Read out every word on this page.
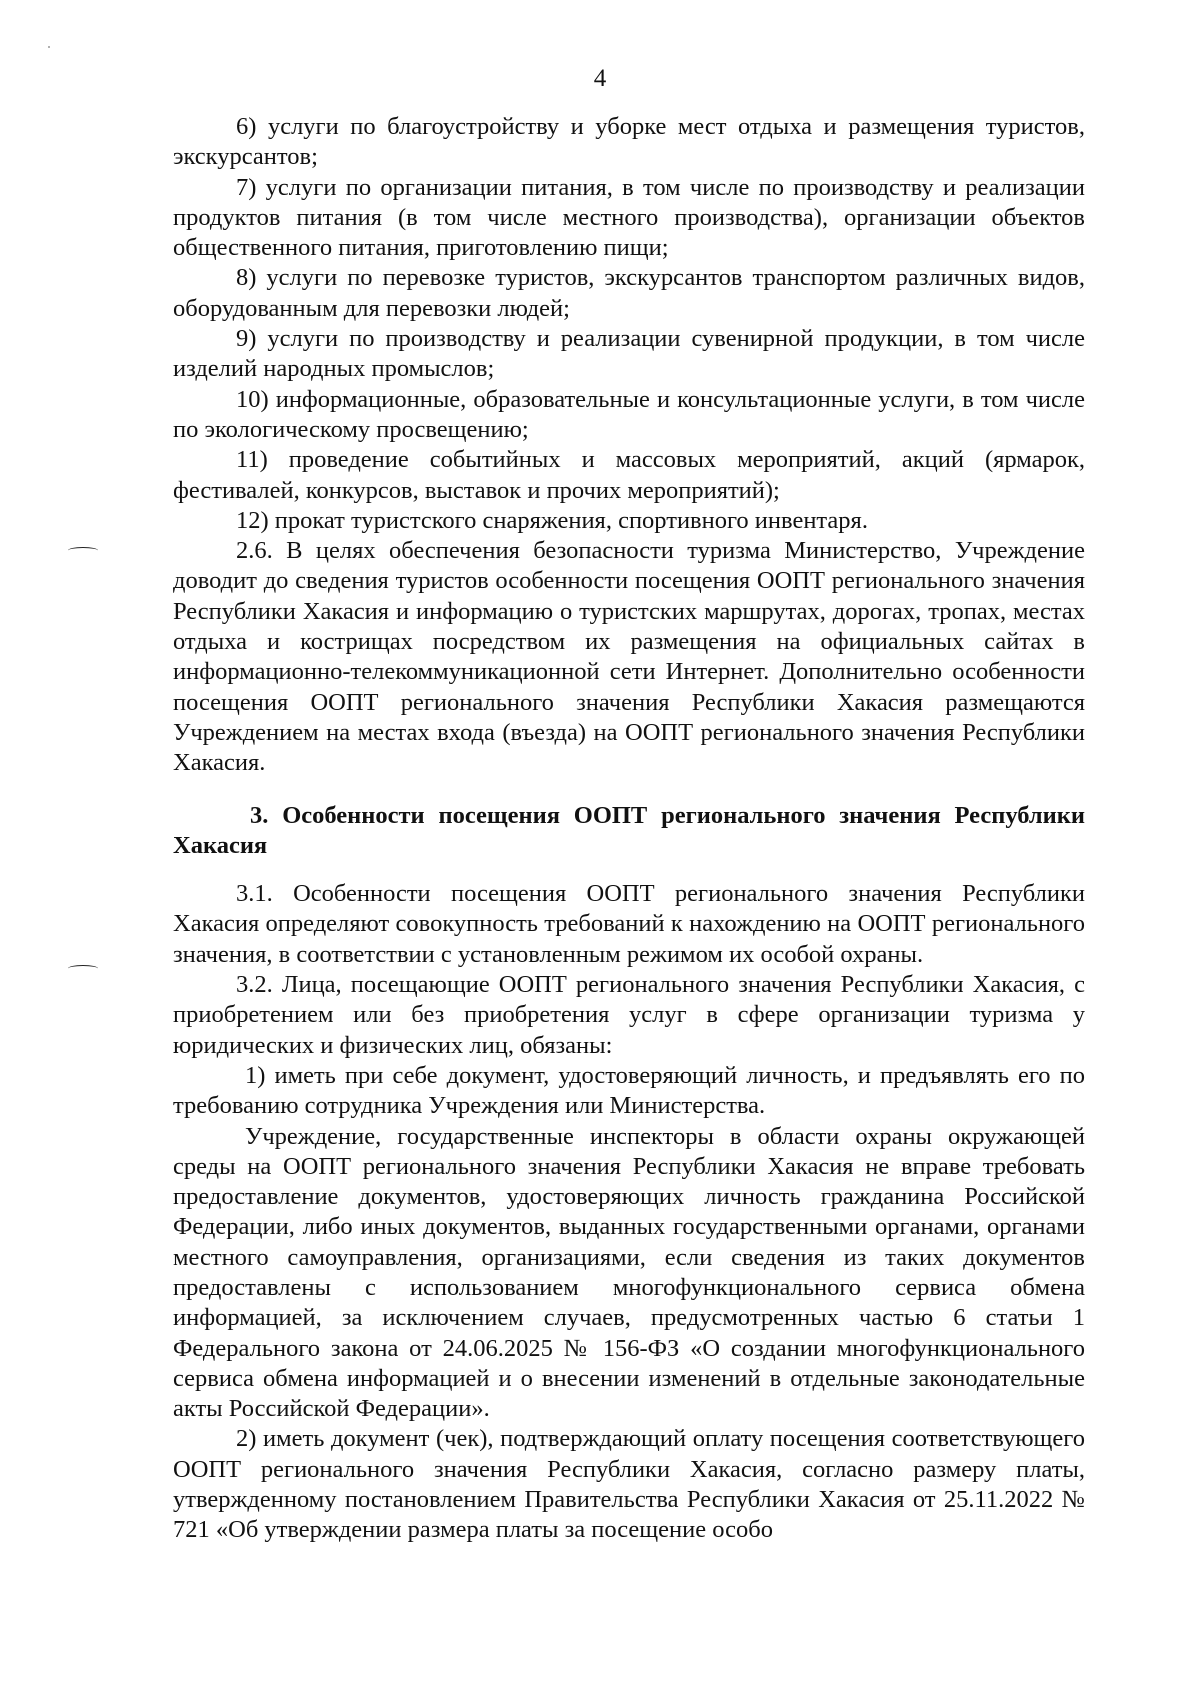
4

6) услуги по благоустройству и уборке мест отдыха и размещения туристов, экскурсантов;

7) услуги по организации питания, в том числе по производству и реализации продуктов питания (в том числе местного производства), организации объектов общественного питания, приготовлению пищи;

8) услуги по перевозке туристов, экскурсантов транспортом различных видов, оборудованным для перевозки людей;

9) услуги по производству и реализации сувенирной продукции, в том числе изделий народных промыслов;

10) информационные, образовательные и консультационные услуги, в том числе по экологическому просвещению;

11) проведение событийных и массовых мероприятий, акций (ярмарок, фестивалей, конкурсов, выставок и прочих мероприятий);

12) прокат туристского снаряжения, спортивного инвентаря.

2.6. В целях обеспечения безопасности туризма Министерство, Учреждение доводит до сведения туристов особенности посещения ООПТ регионального значения Республики Хакасия и информацию о туристских маршрутах, дорогах, тропах, местах отдыха и кострищах посредством их размещения на официальных сайтах в информационно-телекоммуникационной сети Интернет. Дополнительно особенности посещения ООПТ регионального значения Республики Хакасия размещаются Учреждением на местах входа (въезда) на ООПТ регионального значения Республики Хакасия.

3. Особенности посещения ООПТ регионального значения Республики Хакасия

3.1. Особенности посещения ООПТ регионального значения Республики Хакасия определяют совокупность требований к нахождению на ООПТ регионального значения, в соответствии с установленным режимом их особой охраны.

3.2. Лица, посещающие ООПТ регионального значения Республики Хакасия, с приобретением или без приобретения услуг в сфере организации туризма у юридических и физических лиц, обязаны:

1) иметь при себе документ, удостоверяющий личность, и предъявлять его по требованию сотрудника Учреждения или Министерства.

Учреждение, государственные инспекторы в области охраны окружающей среды на ООПТ регионального значения Республики Хакасия не вправе требовать предоставление документов, удостоверяющих личность гражданина Российской Федерации, либо иных документов, выданных государственными органами, органами местного самоуправления, организациями, если сведения из таких документов предоставлены с использованием многофункционального сервиса обмена информацией, за исключением случаев, предусмотренных частью 6 статьи 1 Федерального закона от 24.06.2025 № 156-ФЗ «О создании многофункционального сервиса обмена информацией и о внесении изменений в отдельные законодательные акты Российской Федерации».

2) иметь документ (чек), подтверждающий оплату посещения соответствующего ООПТ регионального значения Республики Хакасия, согласно размеру платы, утвержденному постановлением Правительства Республики Хакасия от 25.11.2022 № 721 «Об утверждении размера платы за посещение особо
